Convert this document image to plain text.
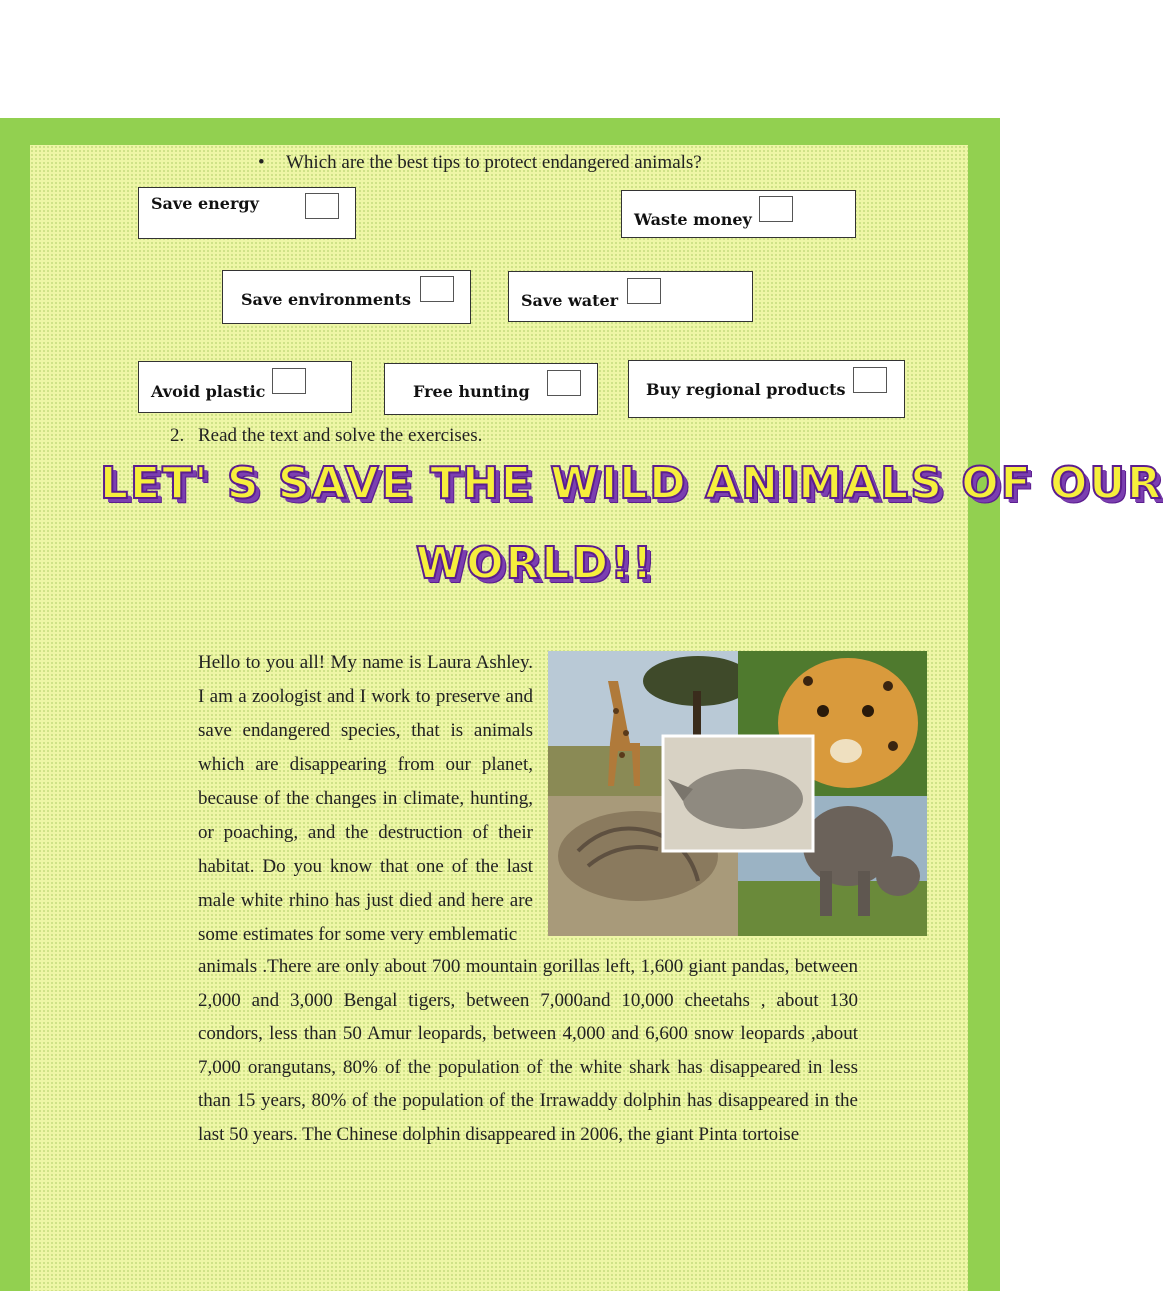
• Which are the best tips to protect endangered animals?
Save energy
Waste money
Save environments	Save water
Avoid plastic	Free hunting	Buy regional products
2. Read the text and solve the exercises.
LET' S SAVE THE WILD ANIMALS OF OUR
WORLD!!
Hello to you all! My name is Laura Ashley. I am a zoologist and I work to preserve and save endangered species, that is animals which are disappearing from our planet, because of the changes in climate, hunting, or poaching, and the destruction of their habitat. Do you know that one of the last male white rhino has just died and here are some estimates for some very emblematic
animals .There are only about 700 mountain gorillas left, 1,600 giant pandas, between 2,000 and 3,000 Bengal tigers, between 7,000and 10,000 cheetahs , about 130 condors, less than 50 Amur leopards, between 4,000 and 6,600 snow leopards ,about 7,000 orangutans, 80% of the population of the white shark has disappeared in less than 15 years, 80% of the population of the Irrawaddy dolphin has disappeared in the last 50 years. The Chinese dolphin disappeared in 2006, the giant Pinta tortoise
